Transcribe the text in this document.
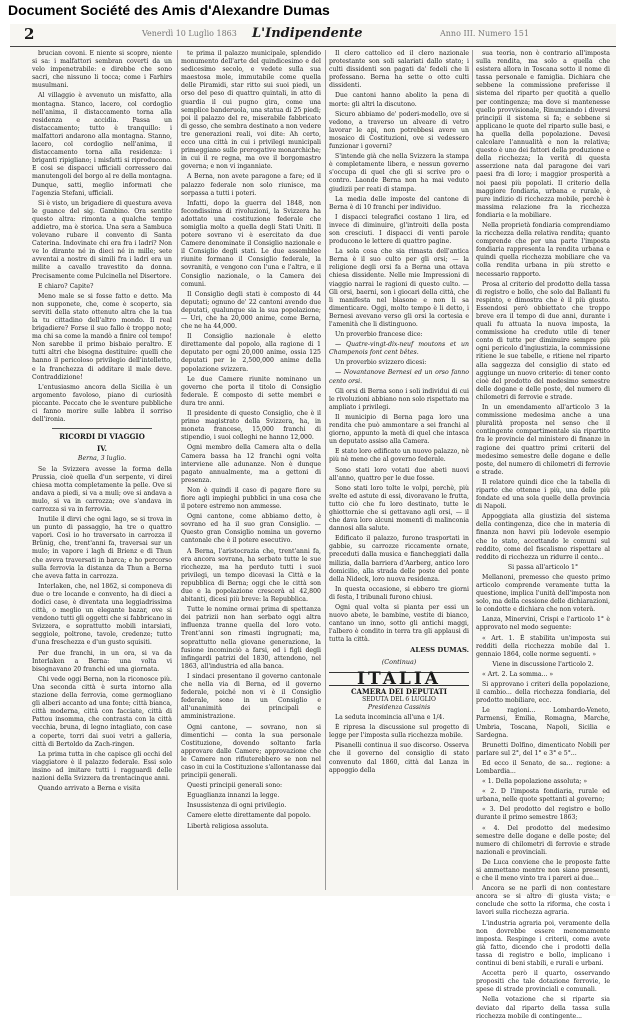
Document Société des Amis d'Alexandre Dumas
2	Venerdì 10 Luglio 1863 L'Indipendente	Anno III. Numero 151

brucian covoni. E niente si scopre, niente si sa: i malfattori sembran coverti da un velo impenetrabile: e direbbe che sono sacri, che nissuno li tocca; come i Farhirs musulmani.

Al villaggio è avvenuto un misfatto, alla montagna. Stanco, lacero, col cordoglio nell'anima, il distaccamento torna alla residenza e accidia. Passa un distaccamento; tutto è tranquillo: i malfattori andarono alla montagna. Stanno, lacero, col cordoglio nell'anima, il distaccamento torna alla residenza: i briganti ripigliano; i misfatti si riproducono. E cosi se dispacci ufficiali corressero dai manutengoli del borgo al re della montagna. Dunque, satti, meglio informati che l'agenzia Stefani, ufficiali.

Si è visto, un brigadiere di questura aveva le guance del sig. Gambino. Ora sentite questo altra: rimonta a qualche tempo addietro, ma è storica. Una sera a Sambuca volevano rubare il convento di Santa Caterina. Indovinate chi era fra i ladri? Non ve lo dirante né in dieci né in mille; sete avventai a nostre di simili fra i ladri era un milite a cavallo travestito da donna. Precisamente come Pulcinella nel Disertore.

E chiaro? Capite?

Meno male se si fosse fatto e detto. Ma non supponete, che, come è scoperto, sia serviti della stato ottenuto altra che la tua la tu cittadino dell'altro mondo. Il real brigadiere? Forse il suo fallo è troppo noto; ma chi sa come la mandò a finire col tempo! Non sarebbe il primo bisbaio peraltro. E tutti altri che bisogna destituire: quelli che hanno il pericoloso privilegio dell'intelletto, e la franchezza di additare il male deve. Contraddizione!

L'entusiasmo ancora della Sicilia è un argomento favoloso, piano di curiosità piccante. Peccato che le sventure pubbliche ci fanno morire sulle labbra il sorriso dell'ironia.

RICORDI DI VIAGGIO
IV.

Berna, 3 luglio.

Se la Svizzera avesse la forma della Prussia, cioè quella d'un serpente, vi direi chiesa motta completamente la pelle. Ove si andava a piedi, si va a muli; ove si andava a mulo, si va in carrozza; ove s'andava in carrozza si va in ferrovia.

Inutile il dirvi che ogni lago, se si trova in un punto di passaggio, ha tre o quattro vapori. Così io ho traversato in carrozza il Brünig, che, trent'anni fa, traversai sur un mulo; in vapore i lagh di Brienz e di Thun che aveva traversati in barca; e ho percorso sulla ferrovia la distanza da Thun a Berna che aveva fatta in carrozza.

Interlaken, che, nel 1862, si componeva di due o tre locande e convento, ha di dieci a dodici case, è diventata una leggiadrissima città, o meglio un elegante bazar, ove si vendono tutti gli oggetti che si fabbricano in Svizzera, e soprattutto mobili intarsiati, seggiole, poltrone, tavole, credenze; tutto d'una freschezza e d'un gusto squisiti.

Per due franchi, in un ora, si va da Interlaken a Berna: una volta vi bisognavano 20 franchi ed una giornata.

Chi vede oggi Berna, non la riconosce più. Una seconda città è surta intorno alla stazione della ferrovia, come germogliano gli alberi accanto ad una fonte; città bianca, città moderna, città con facciate, città di Pattou insomma, che contrasta con la città vecchia, bruna, di legno intagliato, con case a coperte, torri dai suoi vetri a galleria, città di Bertoldo da Zach-ringen.

La prima tutta in che capisce gli occhi del viaggiatore è il palazzo federale. Essi solo insino ad imitare tutti i ragguardi delle nazioni della Svizzera da trentacinque anni.

Quando arrivato a Berna e visita

te prima il palazzo municipale, splendido monumento dell'arte del quindicesimo e del sedicesimo secolo, e vedete sulla sua maestosa mole, immutabile come quella delle Piramidi, star ritto sui suoi piedi, un orso del peso di quattro quintali, in atto di guardia il cui pugno gira, come una semplice banderuola, una statua di 25 piedi; poi il palazzo del re, miserabile fabbricato di gesso, che sembra destinato a non vedere tre generazioni reali, voi dite: Ah certo, ecco una città in cui i privilegi municipali primeggiano sulle prerogative monarchiche; in cui il re regna, ma ove il borgomastro governa; e non vi inganniate.

A Berna, non avete paragone a fare; ed il palazzo federale non solo riunisce, ma sorpassa a tutti i poteri.

Infatti, dopo la guerra del 1848, non fecondissima di rivoluzioni, la Svizzera ha adottato una costituzione federale che somiglia molto a quella degli Stati Uniti. Il potere sovrano vi è esercitato da due Camere denominate il Consiglio nazionale e il Consiglio degli stati. Le due assemblee riunite formano il Consiglio federale, la sovranità, e vengono con l'una e l'altra, e il Consiglio nazionale, o la Camera dei comuni.

Il Consiglio degli stati è composto di 44 deputati; ognuno de' 22 cantoni avendo due deputati, qualunque sia la sua popolazione; — Uri, che ha 20,000 anime, come Berna, che ne ha 44,000.

Il Consiglio nazionale è eletto direttamente dal popolo, alla ragione di 1 deputato per ogni 20,000 anime, ossia 125 deputati per le 2,500,000 anime della popolazione svizzera.

Le due Camere riunite nominano un governo che porta il titolo di Consiglio federale. È composto di sette membri e dura tre anni.

Il presidente di questo Consiglio, che è il primo magistrato della Svizzera, ha, in moneta francese, 15,000 franchi di stipendio, i suoi colleghi ne hanno 12,000.

Ogni membro della Camera alta o della Camera bassa ha 12 franchi ogni volta interviene alle adunanze. Non è dunque pagato annualmente, ma a gettoni di presenza.

Non è quindi il caso di pagare fiore su fiore agli impieghi pubblici in una cosa che il potere estremo non ammesse.

Ogni cantone, come abbiamo detto, è sovrano ed ha il suo gran Consiglio. — Questo gran Consiglio nomina un governo cantonale che è il potere esecutivo.

A Berna, l'aristocrazia che, trent'anni fa, era ancora sovrana, ha serbato tutte le sue ricchezze, ma ha perduto tutti i suoi privilegi, un tempo dicevasi la Città e la repubblica di Berna; oggi che le città son due e la popolazione crescerà al 42,800 abitanti, dicesi più breve: la Repubblica.

Tutte le nomine ormai prima di spettanza dei patrizii non han serbato oggi altra influenza tranne quella del loro voto. Trent'anni son rimasti ingrugnati; ma, soprattutto nella giovane generazione, la fusione incominciò a farsi, ed i figli degli infingardi patrizi del 1830, attendono, nel 1863, all'industria ed alla banca.

I sindaci presentano il governo cantonale che nella via di Berna, ed il governo federale, poiché non vi è il Consiglio federale, sono in un Consiglio e all'unanimità dei principali e amministrazione.

Ogni cantone, — sovrano, non si dimentichi — conta la sua personale Costituzione, dovendo soltanto farla approvare dalle Camere; approvazione che le Camere non rifiuterebbero se non nel caso in cui la Costituzione s'allontanasse dai principii generali.

Questi principii generali sono:

Eguaglianza innanzi la legge.

Insussistenza di ogni privilegio.

Camere elette direttamente dal popolo.

Libertà religiosa assoluta.

Il clero cattolico ed il clero nazionale protestante son soli salariati dallo stato; i culti dissidenti son pagati da' fedeli che li professano. Berna ha sette o otto culti dissidenti.

Due cantoni hanno abolito la pena di morte: gli altri la discutono.

Sicuro abbiamo de' poderi-modello, ove si vedono, a traverso un alveare di vetro lavorar le api, non potrebbesi avere un mosaico di Costituzioni, ove si vedessero funzionar i governi?

S'intende già che nella Svizzera la stampa è completamente libera, e nessun governo s'occupa di quel che gli si scrive pro o contro. Laonde Berna non ha mai veduto giudizii per reati di stampa.

La media delle imposte del cantone di Berna è di 10 franchi per individuo.

I dispacci telegrafici costano 1 lira, ed invece di diminuire, gl'introiti della posta son cresciuti. I dispacci di venti parole producono le lettere di quattro pagine.

La sola cosa che sia rimasta dell'antica Berna è il suo culto per gli orsi; — la religione degli orsi fa a Berna una ottava chiesa dissidente. Nelle mie Impressioni di viaggio narrai le ragioni di questo culto. — Gli orsi, baerni, son i giocari della città, che li manifesta nel blasone e non li sa dimenticare. Oggi, molto tempo è li detto, i Bernesi avevano verso gli orsi la cortesia e l'amenità che li distinguono.

Un proverbio francese dice:

— Quatre-vingt-dix-neuf moutons et un Champenois font cent bêtes.

Un proverbio svizzero dicesi:

— Novantanove Bernesi ed un orso fanno cento orsi.

Gli orsi di Berna sono i soli individui di cui le rivoluzioni abbiano non solo rispettato ma ampliato i privilegi.

Il municipio di Berna paga loro una rendita che può ammontare a sei franchi al giorno, appunto la metà di quel che intasca un deputato assiso alla Camera.

E stato loro edificato un nuovo palazzo, nè più nè meno che al governo federale.

Sono stati loro votati due abeti nuovi all'anno, quattro per le due fosse.

Sono stati loro tolte le volpi, perchè, più svelte ed astute di essi, divoravano le frutta, tutto ciò che fu loro destinato, tutte le ghiottornie che si gettavano agli orsi, — il che dava loro alcuni momenti di malinconia dannosi alla salute.

Edificato il palazzo, furono trasportati in gabbie, su carrozze riccamente ornate, preceduti dalla musica e fiancheggiati dalla milizia, dalla barriera d'Aarberg, antico loro domicilio, alla strada delle poste del ponte della Nideck, loro nuova residenza.

In questa occasione, si ebbero tre giorni di festa, I tribunali furono chiusi.

Ogni qual volta si pianta per essi un nuovo abete, le bambine, vestite di bianco, cantano un inno, sotto gli antichi maggi, l'albero è condito in terra tra gli applausi di tutta la città.

ALESS DUMAS.
(Continua)
ITALIA
CAMERA DEI DEPUTATI
SEDUTA DEL 6 LUGLIO
Presidenza Cassinis

La seduta incomincia all'una e 1/4.

È ripresa la discussione sul progetto di legge per l'imposta sulla ricchezza mobile.

Pisanelli continua il suo discorso. Osserva che il governo del consiglio di stato convenuto dal 1860, città dal Lanza in appoggio della

sua teoria, non è contrario all'imposta sulla rendita, ma solo a quella che esistera allora in Toscana sotto il nome di tassa personale e famiglia. Dichiara che sebbene la commissione preferisse il sistema del riparto per quotità a quello per contingenza; ma dove si mantenesse quello provvisionale, Rinunziando i diversi principii il sistema si fa; e sebbene si applicano le quote del riparto sulle basi, e ha quella della popolazione. Devesi calcolare l'annualità e non la relativa; questo è uno dei fattori della produzione e della ricchezza; la verità di questa asserzione nata dal paragone dei vari paesi fra di loro; i maggior prosperità a noi paesi più popolati. Il criterio della maggiore fondiaria, urbana e rurale, è pure indizio di ricchezza mobile, perchè è massima relazione fra la ricchezza fondiaria e la mobiliare.

Nella proprietà fondiaria comprendiamo la ricchezza della relativa rendita; quanto comprende che per una parte l'imposta fondiaria rappresenta la rendita urbana e quindi quella ricchezza mobiliare che va colla rendita urbana in più stretto e necessario rapporto.

Prosa al criterio del prodotto della tassa di registro e bollo, che solo dal Ballanti fu respinto, e dimostra che è il più giusto. Essendosi però obbiettato che troppo breve era il tempo di due anni, durante i quali fu attuata la nuova imposta, la commissione ha creduto utile di tener conto di tutte per diminuire sempre più ogni pericolo d'ingiustizia, la commissione ritiene le sue tabelle, e ritiene nel riparto alla saggezza del consiglio di stato ed aggiunge un nuovo criterio: di tener conto cioè del prodotto del medesimo semestre delle dogane e delle poste, del numero di chilometri di ferrovie e strade.

In un emendamento all'articolo 3 la commissione medesima anche a una pluralità proposta nel senso che il contingente compartimentale sia ripartito fra le provincie del ministero di finanze in ragione dei quattro primi criterii del medesimo semestre delle dogane e delle poste, del numero di chilometri di ferrovie e strade.

Il relatore quindi dice che la tabella di riparto che ottenne i più, una delle più fondate ed una sola quelle della provincia di Napoli.

Appoggiata alla giustizia del sistema della contingenza, dice che in materia di finanza non havvi più lodevole esempio che lo stato, accettando le comuni sul reddito, come del fiscalismo rispettare al reddito di ricchezza un ridurre il cento...

Si passa all'articolo 1°

Mellanoni, premesso che questo primo articolo comprende veramente tutta la questione, implica l'unità dell'imposta non solo, ma della cessione delle dichiarazioni, le condotte e dichiara che non voterà.

Lanza, Minervini, Crispi e l'articolo 1° è approvato nel modo seguente:

« Art. 1. È stabilita un'imposta sui redditi della ricchezza mobile dal 1. gennaio 1864, colle norme seguenti. »

Viene in discussione l'articolo 2.

« Art. 2. La somma... »

Si approvano i criteri della popolazione, il cambio... della ricchezza fondiaria, del prodotto mobiliare, ecc.

Le ragioni... Lombardo-Veneto, Parmensi, Emilia, Romagna, Marche, Umbria, Toscana, Napoli, Sicilia e Sardegna.

Brunetti Dolfino, dimenticato Nobili per parlare sul 2°, del 1° e 3° e 5°...

Ed ecco il Senato, de sa... regione: a Lombardia...

« 1. Della popolazione assoluta; »

« 2. D l'imposta fondiaria, rurale ed urbana, nelle quote spettanti al governo;

« 3. Del prodotto del registro e bollo durante il primo semestre 1863;

« 4. Del prodotto del medesimo semestre delle dogane e delle poste; del numero di chilometri di ferrovie e strade nazionali e provinciali.

De Luca conviene che le proposte fatte si ammettano mentre non siano presenti, e che il meno vinto tra i pareri ai due...

Ancora se ne parli di non contestare ancora se si altro di giusta vista; e conclude che sotto la riforma, che costa i lavori sulla ricchezza agraria.

L'industria agraria poi, veramente della non dovrebbe essere menomamente imposta. Respinge i criterii, come avete già fatto, dicendo che i prodotti della tassa di registro e bollo, implicano i continui di beni stabili, e rurali e urbani.

Accetta però il quarto, osservando propositi che tale dotazione ferrovie, le spese di strade provinciali e comunali.

Nella votazione che si riparte sia deviato dal riparto della tassa sulla ricchezza mobile di contingente...
